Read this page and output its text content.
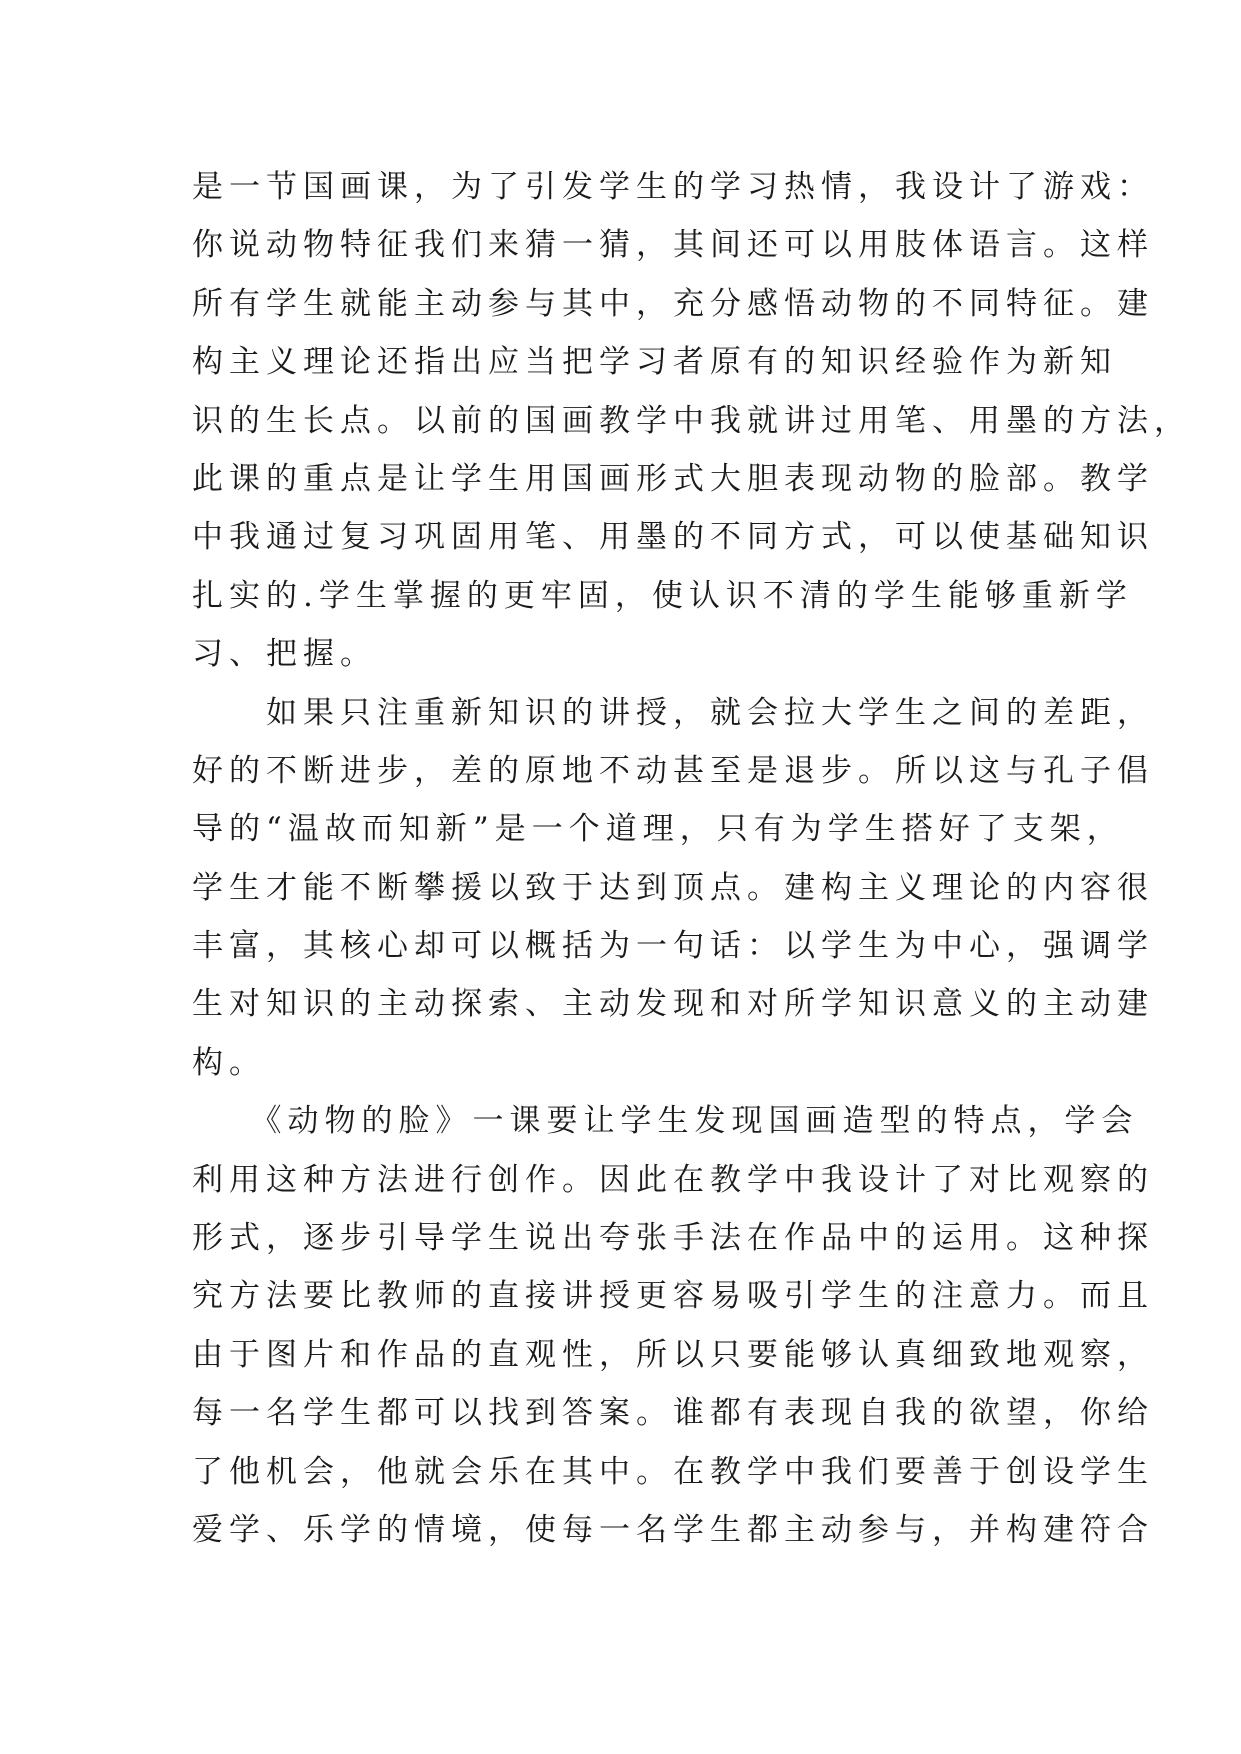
是一节国画课，为了引发学生的学习热情，我设计了游戏：
你说动物特征我们来猜一猜，其间还可以用肢体语言。这样
所有学生就能主动参与其中，充分感悟动物的不同特征。建
构主义理论还指出应当把学习者原有的知识经验作为新知
识的生长点。以前的国画教学中我就讲过用笔、用墨的方法，
此课的重点是让学生用国画形式大胆表现动物的脸部。教学
中我通过复习巩固用笔、用墨的不同方式，可以使基础知识
扎实的.学生掌握的更牢固，使认识不清的学生能够重新学
习、把握。
　　如果只注重新知识的讲授，就会拉大学生之间的差距，
好的不断进步，差的原地不动甚至是退步。所以这与孔子倡
导的“温故而知新”是一个道理，只有为学生搭好了支架，
学生才能不断攀援以致于达到顶点。建构主义理论的内容很
丰富，其核心却可以概括为一句话：以学生为中心，强调学
生对知识的主动探索、主动发现和对所学知识意义的主动建
构。
　　《动物的脸》一课要让学生发现国画造型的特点，学会
利用这种方法进行创作。因此在教学中我设计了对比观察的
形式，逐步引导学生说出夸张手法在作品中的运用。这种探
究方法要比教师的直接讲授更容易吸引学生的注意力。而且
由于图片和作品的直观性，所以只要能够认真细致地观察，
每一名学生都可以找到答案。谁都有表现自我的欲望，你给
了他机会，他就会乐在其中。在教学中我们要善于创设学生
爱学、乐学的情境，使每一名学生都主动参与，并构建符合
